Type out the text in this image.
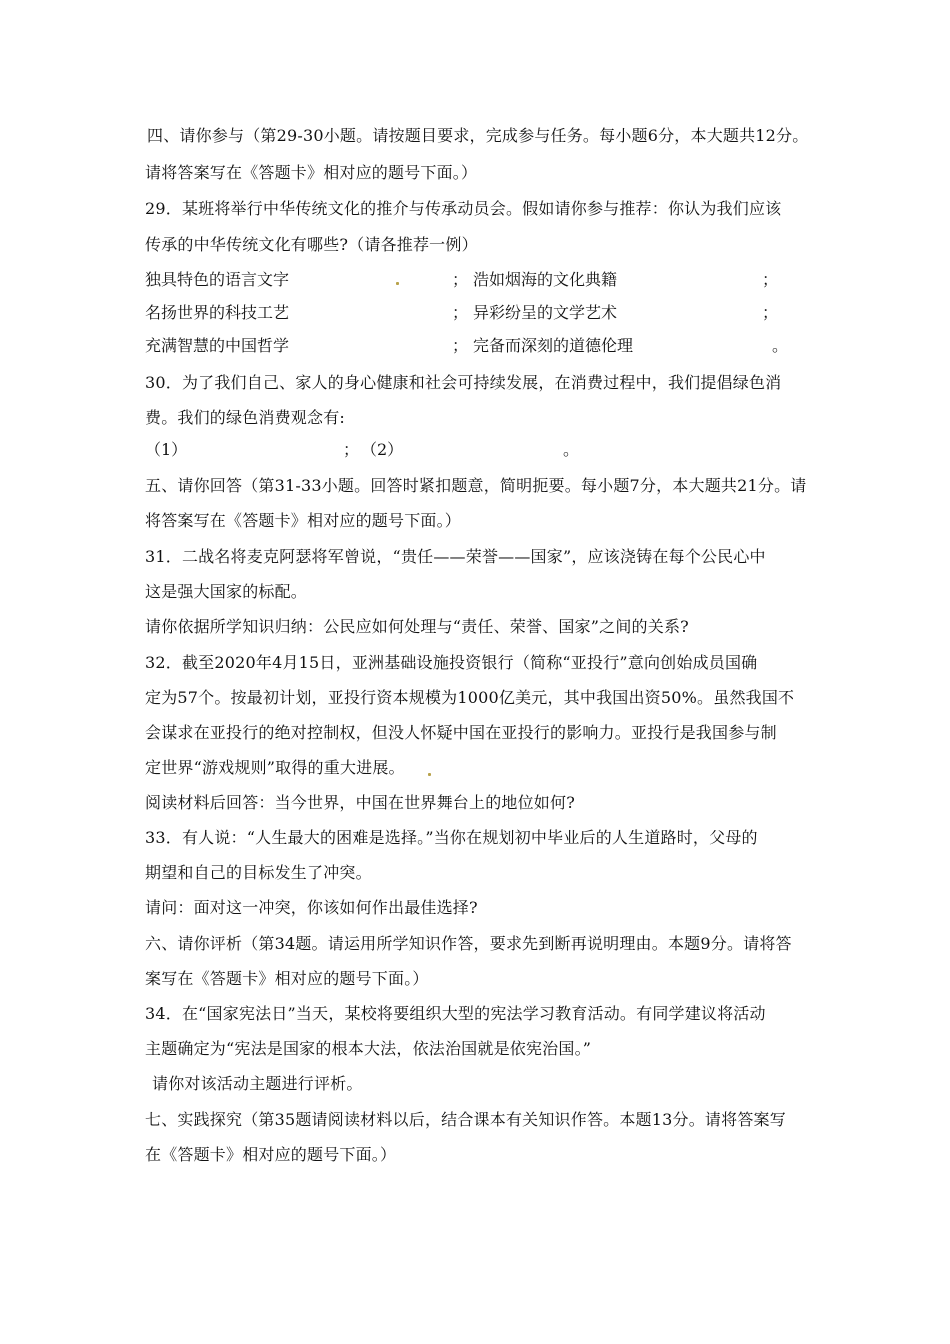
四、请你参与（第29-30小题。请按题目要求，完成参与任务。每小题6分，本大题共12分。
请将答案写在《答题卡》相对应的题号下面。）
29．某班将举行中华传统文化的推介与传承动员会。假如请你参与推荐：你认为我们应该
传承的中华传统文化有哪些?（请各推荐一例）
独具特色的语言文字	； 浩如烟海的文化典籍	；
名扬世界的科技工艺	； 异彩纷呈的文学艺术	；
充满智慧的中国哲学	； 完备而深刻的道德伦理	。
30．为了我们自己、家人的身心健康和社会可持续发展，在消费过程中，我们提倡绿色消
费。我们的绿色消费观念有:
（1）	； （2）	。
五、请你回答（第31-33小题。回答时紧扣题意，简明扼要。每小题7分，本大题共21分。请
将答案写在《答题卡》相对应的题号下面。）
31．二战名将麦克阿瑟将军曾说，“贵任——荣誉——国家”，应该浇铸在每个公民心中
这是强大国家的标配。
请你依据所学知识归纳：公民应如何处理与“责任、荣誉、国家”之间的关系?
32．截至2020年4月15日，亚洲基础设施投资银行（简称“亚投行”意向创始成员国确
定为57个。按最初计划，亚投行资本规模为1000亿美元，其中我国出资50%。虽然我国不
会谋求在亚投行的绝对控制权，但没人怀疑中国在亚投行的影响力。亚投行是我国参与制
定世界“游戏规则”取得的重大进展。
阅读材料后回答：当今世界，中国在世界舞台上的地位如何?
33．有人说：“人生最大的困难是选择。”当你在规划初中毕业后的人生道路时，父母的
期望和自己的目标发生了冲突。
请问：面对这一冲突，你该如何作出最佳选择?
六、请你评析（第34题。请运用所学知识作答，要求先到断再说明理由。本题9分。请将答
案写在《答题卡》相对应的题号下面。）
34．在“国家宪法日”当天，某校将要组织大型的宪法学习教育活动。有同学建议将活动
主题确定为“宪法是国家的根本大法，依法治国就是依宪治国。”
请你对该活动主题进行评析。
七、实践探究（第35题请阅读材料以后，结合课本有关知识作答。本题13分。请将答案写
在《答题卡》相对应的题号下面。）
